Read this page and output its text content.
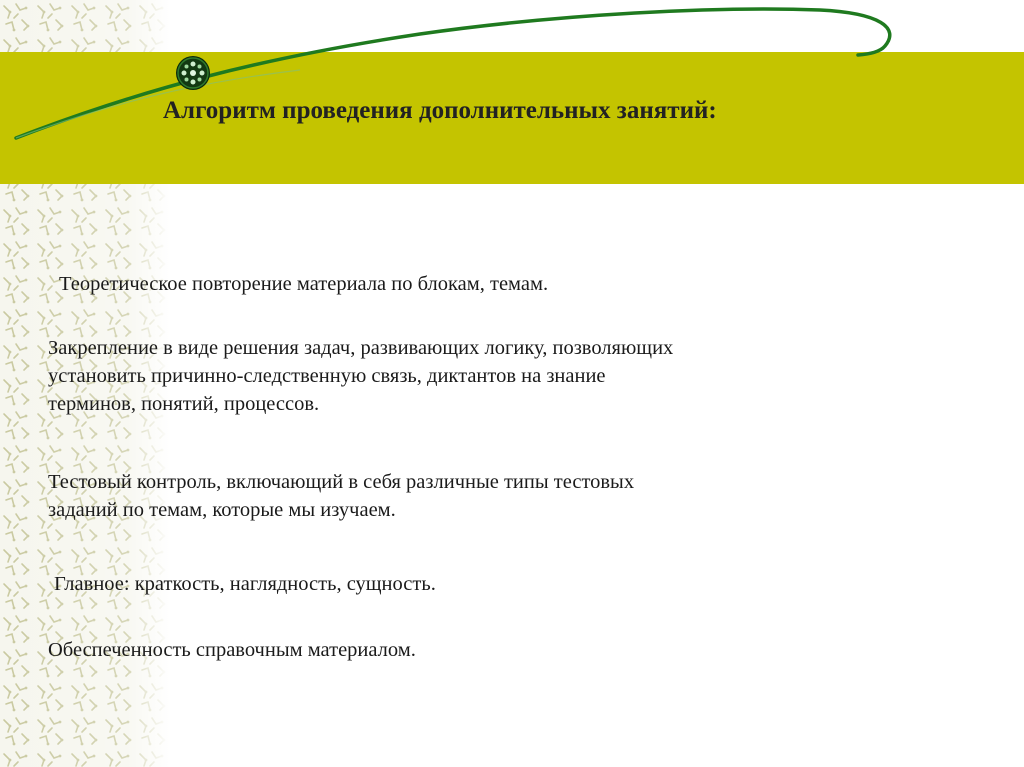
Алгоритм проведения дополнительных занятий:

Теоретическое повторение материала по блокам, темам.

Закрепление в виде решения задач, развивающих логику, позволяющих
установить причинно-следственную связь, диктантов на знание
терминов, понятий, процессов.

Тестовый контроль, включающий в себя различные типы тестовых
заданий по темам, которые мы изучаем.

Главное: краткость, наглядность, сущность.

Обеспеченность справочным материалом.
